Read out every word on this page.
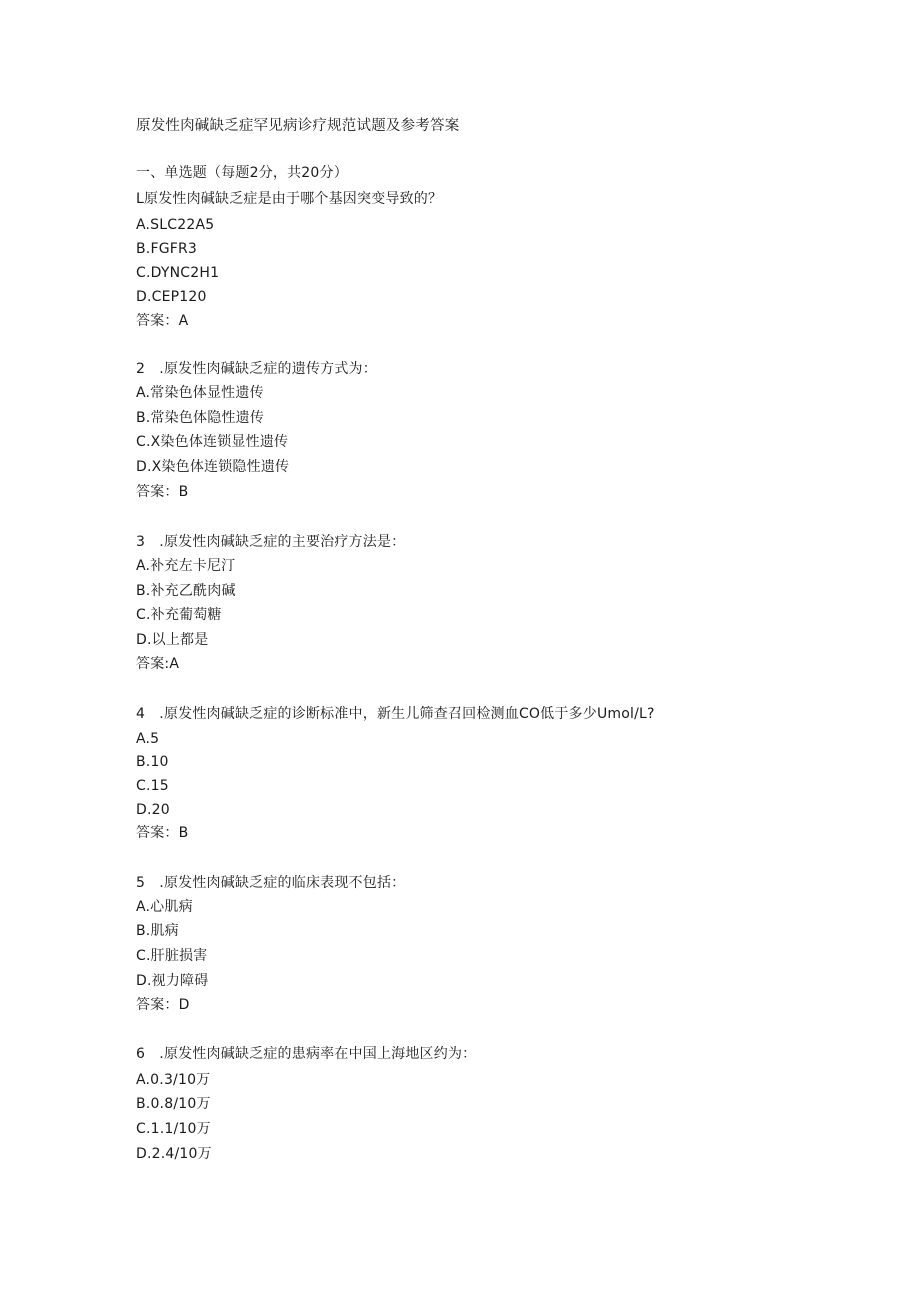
原发性肉碱缺乏症罕见病诊疗规范试题及参考答案
一、单选题（每题2分，共20分）
L原发性肉碱缺乏症是由于哪个基因突变导致的？
A.SLC22A5
B.FGFR3
C.DYNC2H1
D.CEP120
答案：A
2　.原发性肉碱缺乏症的遗传方式为：
A.常染色体显性遗传
B.常染色体隐性遗传
C.X染色体连锁显性遗传
D.X染色体连锁隐性遗传
答案：B
3　.原发性肉碱缺乏症的主要治疗方法是：
A.补充左卡尼汀
B.补充乙酰肉碱
C.补充葡萄糖
D.以上都是
答案:A
4　.原发性肉碱缺乏症的诊断标准中，新生儿筛查召回检测血CO低于多少Umol/L?
A.5
B.10
C.15
D.20
答案：B
5　.原发性肉碱缺乏症的临床表现不包括：
A.心肌病
B.肌病
C.肝脏损害
D.视力障碍
答案：D
6　.原发性肉碱缺乏症的患病率在中国上海地区约为：
A.0.3/10万
B.0.8/10万
C.1.1/10万
D.2.4/10万
